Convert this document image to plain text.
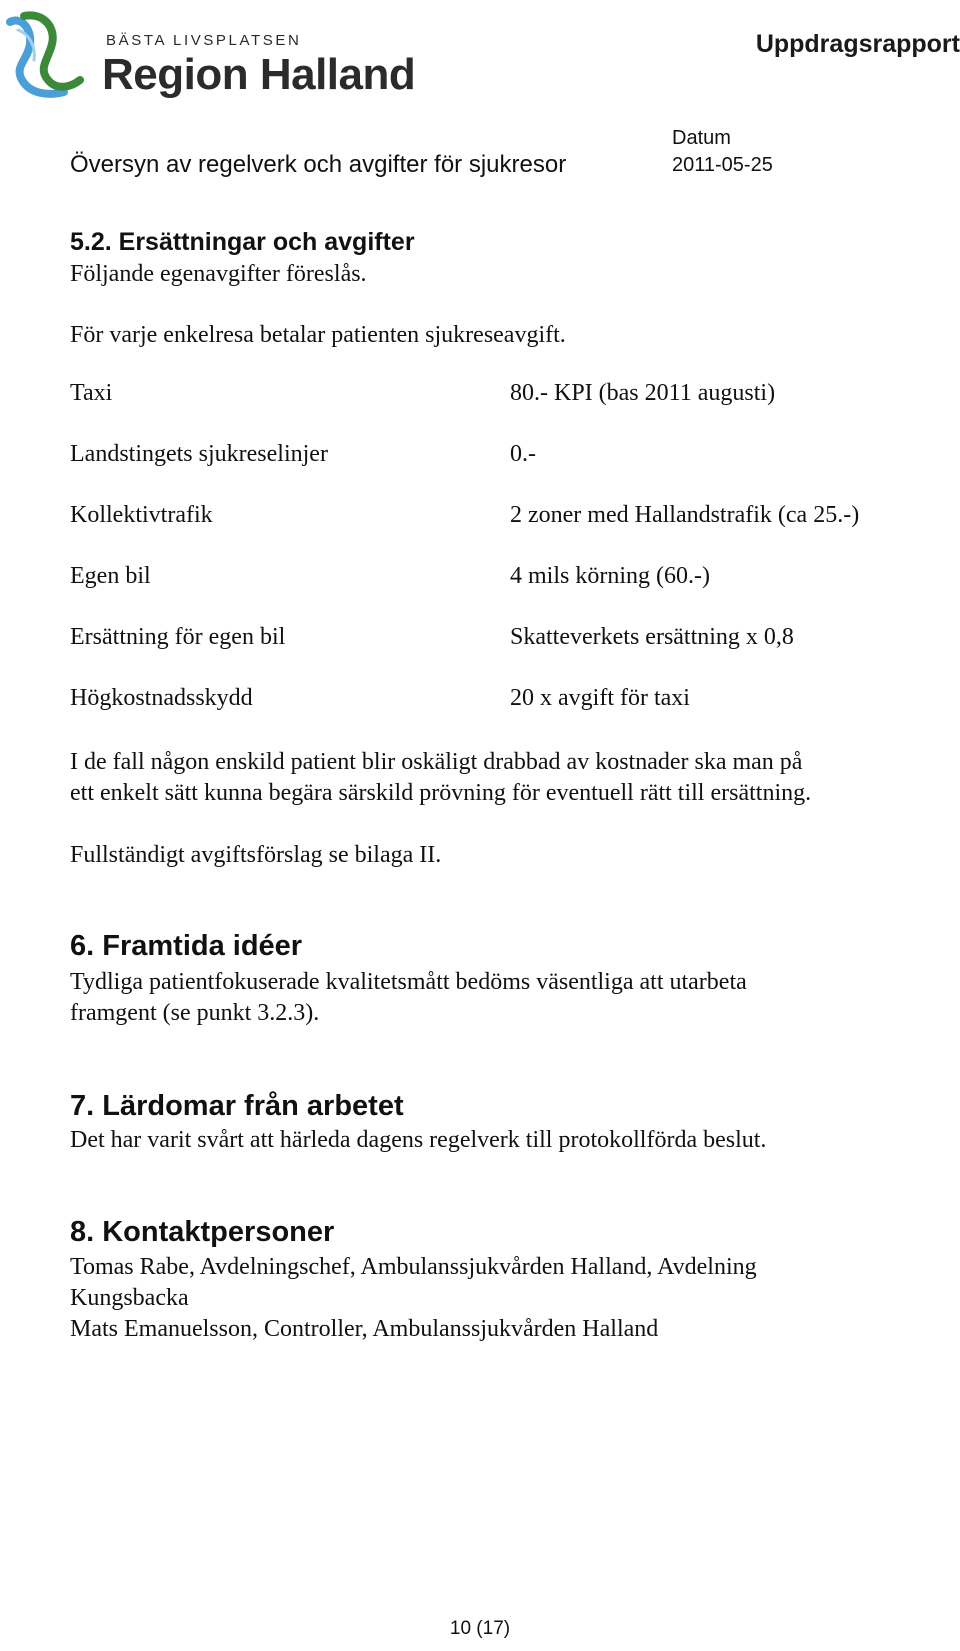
BÄSTA LIVSPLATSEN
Region Halland
Uppdragsrapport
Översyn av regelverk och avgifter för sjukresor
Datum
2011-05-25
5.2. Ersättningar och avgifter
Följande egenavgifter föreslås.
För varje enkelresa betalar patienten sjukreseavgift.
Taxi	80.- KPI (bas 2011 augusti)
Landstingets sjukreselinjer	0.-
Kollektivtrafik	2 zoner med Hallandstrafik (ca 25.-)
Egen bil	4 mils körning (60.-)
Ersättning för egen bil	Skatteverkets ersättning x 0,8
Högkostnadsskydd	20 x avgift för taxi
I de fall någon enskild patient blir oskäligt drabbad av kostnader ska man på
ett enkelt sätt kunna begära särskild prövning för eventuell rätt till ersättning.
Fullständigt avgiftsförslag se bilaga II.
6. Framtida idéer
Tydliga patientfokuserade kvalitetsmått bedöms väsentliga att utarbeta
framgent (se punkt 3.2.3).
7. Lärdomar från arbetet
Det har varit svårt att härleda dagens regelverk till protokollförda beslut.
8. Kontaktpersoner
Tomas Rabe, Avdelningschef, Ambulanssjukvården Halland, Avdelning
Kungsbacka
Mats Emanuelsson, Controller, Ambulanssjukvården Halland
10 (17)
